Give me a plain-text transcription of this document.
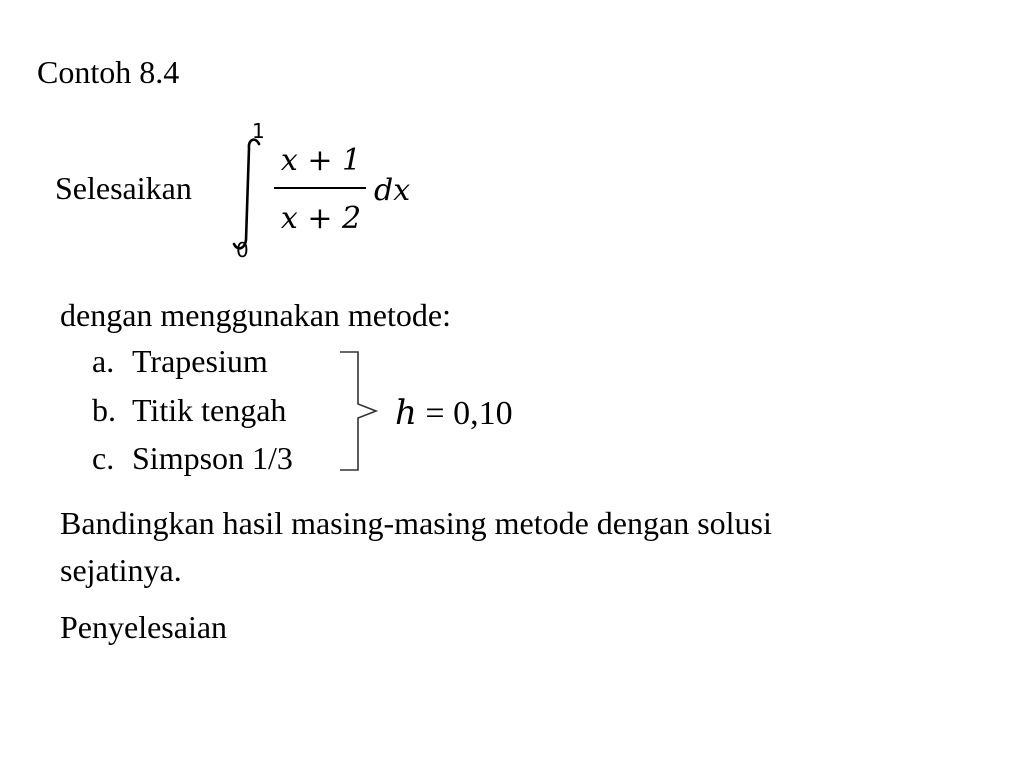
Contoh 8.4
Selesaikan
1
0
x + 1
x + 2
dx
dengan menggunakan metode:
a. Trapesium
b. Titik tengah
c. Simpson 1/3
h = 0,10
Bandingkan hasil masing-masing metode dengan solusi sejatinya.
Penyelesaian
